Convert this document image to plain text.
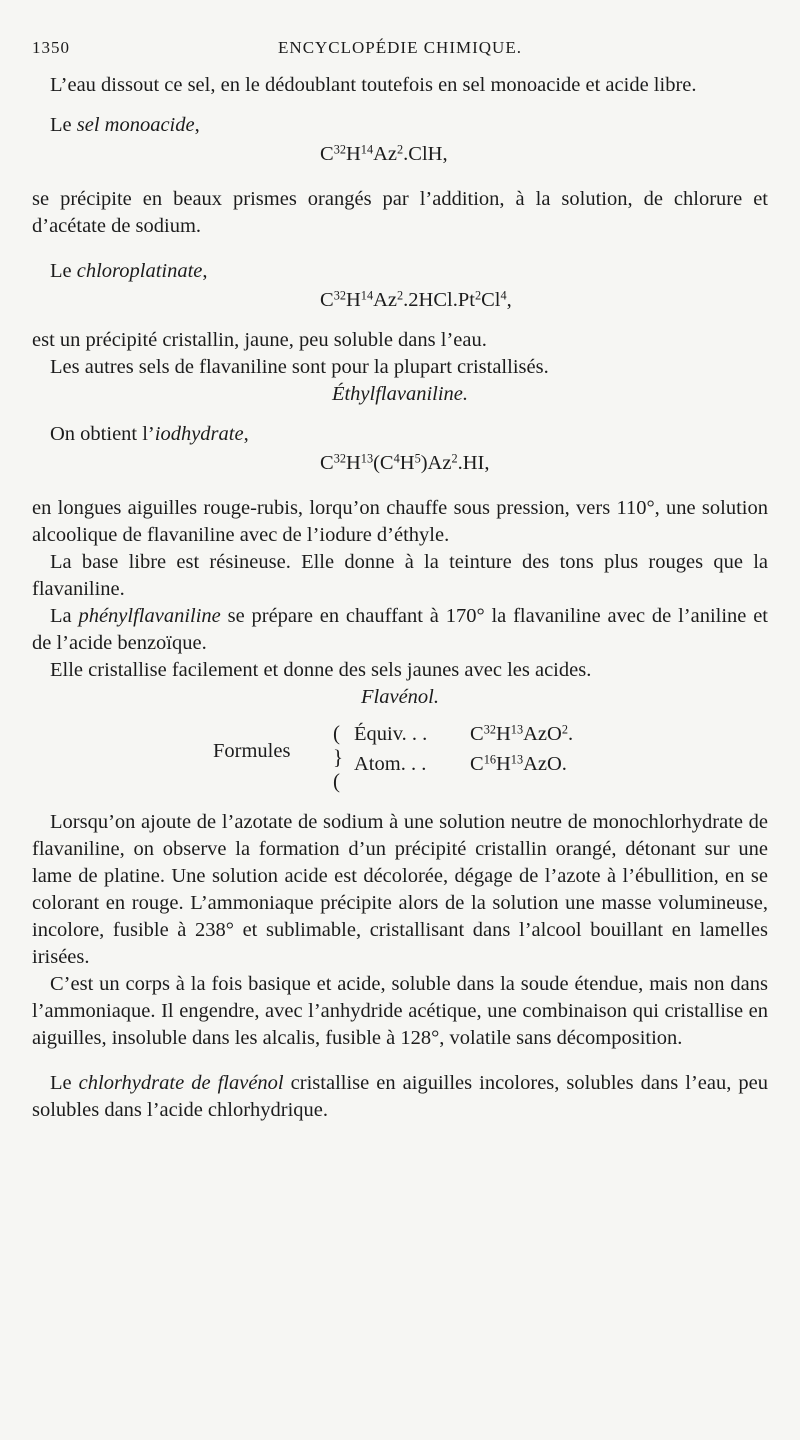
1350	ENCYCLOPÉDIE CHIMIQUE.

L’eau dissout ce sel, en le dédoublant toutefois en sel monoacide et acide libre.

Le sel monoacide,

$C^{32}H^{14}Az^2.ClH$,

se précipite en beaux prismes orangés par l’addition, à la solution, de chlorure et d’acétate de sodium.

Le chloroplatinate,

$C^{32}H^{14}Az^2.2HCl.Pt^2Cl^4$,

est un précipité cristallin, jaune, peu soluble dans l’eau.

Les autres sels de flavaniline sont pour la plupart cristallisés.

Éthylflavaniline.

On obtient l’iodhydrate,

$C^{32}H^{13}(C^4H^5)Az^2.HI$,

en longues aiguilles rouge-rubis, lorqu’on chauffe sous pression, vers 110°, une solution alcoolique de flavaniline avec de l’iodure d’éthyle.

La base libre est résineuse. Elle donne à la teinture des tons plus rouges que la flavaniline.

La phénylflavaniline se prépare en chauffant à 170° la flavaniline avec de l’aniline et de l’acide benzoïque.

Elle cristallise facilement et donne des sels jaunes avec les acides.

Flavénol.

Formules
(
}
(
Équiv. . . $C^{32}H^{13}AzO^2$.
Atom. . . $C^{16}H^{13}AzO$.

Lorsqu’on ajoute de l’azotate de sodium à une solution neutre de monochlorhydrate de flavaniline, on observe la formation d’un précipité cristallin orangé, détonant sur une lame de platine. Une solution acide est décolorée, dégage de l’azote à l’ébullition, en se colorant en rouge. L’ammoniaque précipite alors de la solution une masse volumineuse, incolore, fusible à 238° et sublimable, cristallisant dans l’alcool bouillant en lamelles irisées.

C’est un corps à la fois basique et acide, soluble dans la soude étendue, mais non dans l’ammoniaque. Il engendre, avec l’anhydride acétique, une combinaison qui cristallise en aiguilles, insoluble dans les alcalis, fusible à 128°, volatile sans décomposition.

Le chlorhydrate de flavénol cristallise en aiguilles incolores, solubles dans l’eau, peu solubles dans l’acide chlorhydrique.
